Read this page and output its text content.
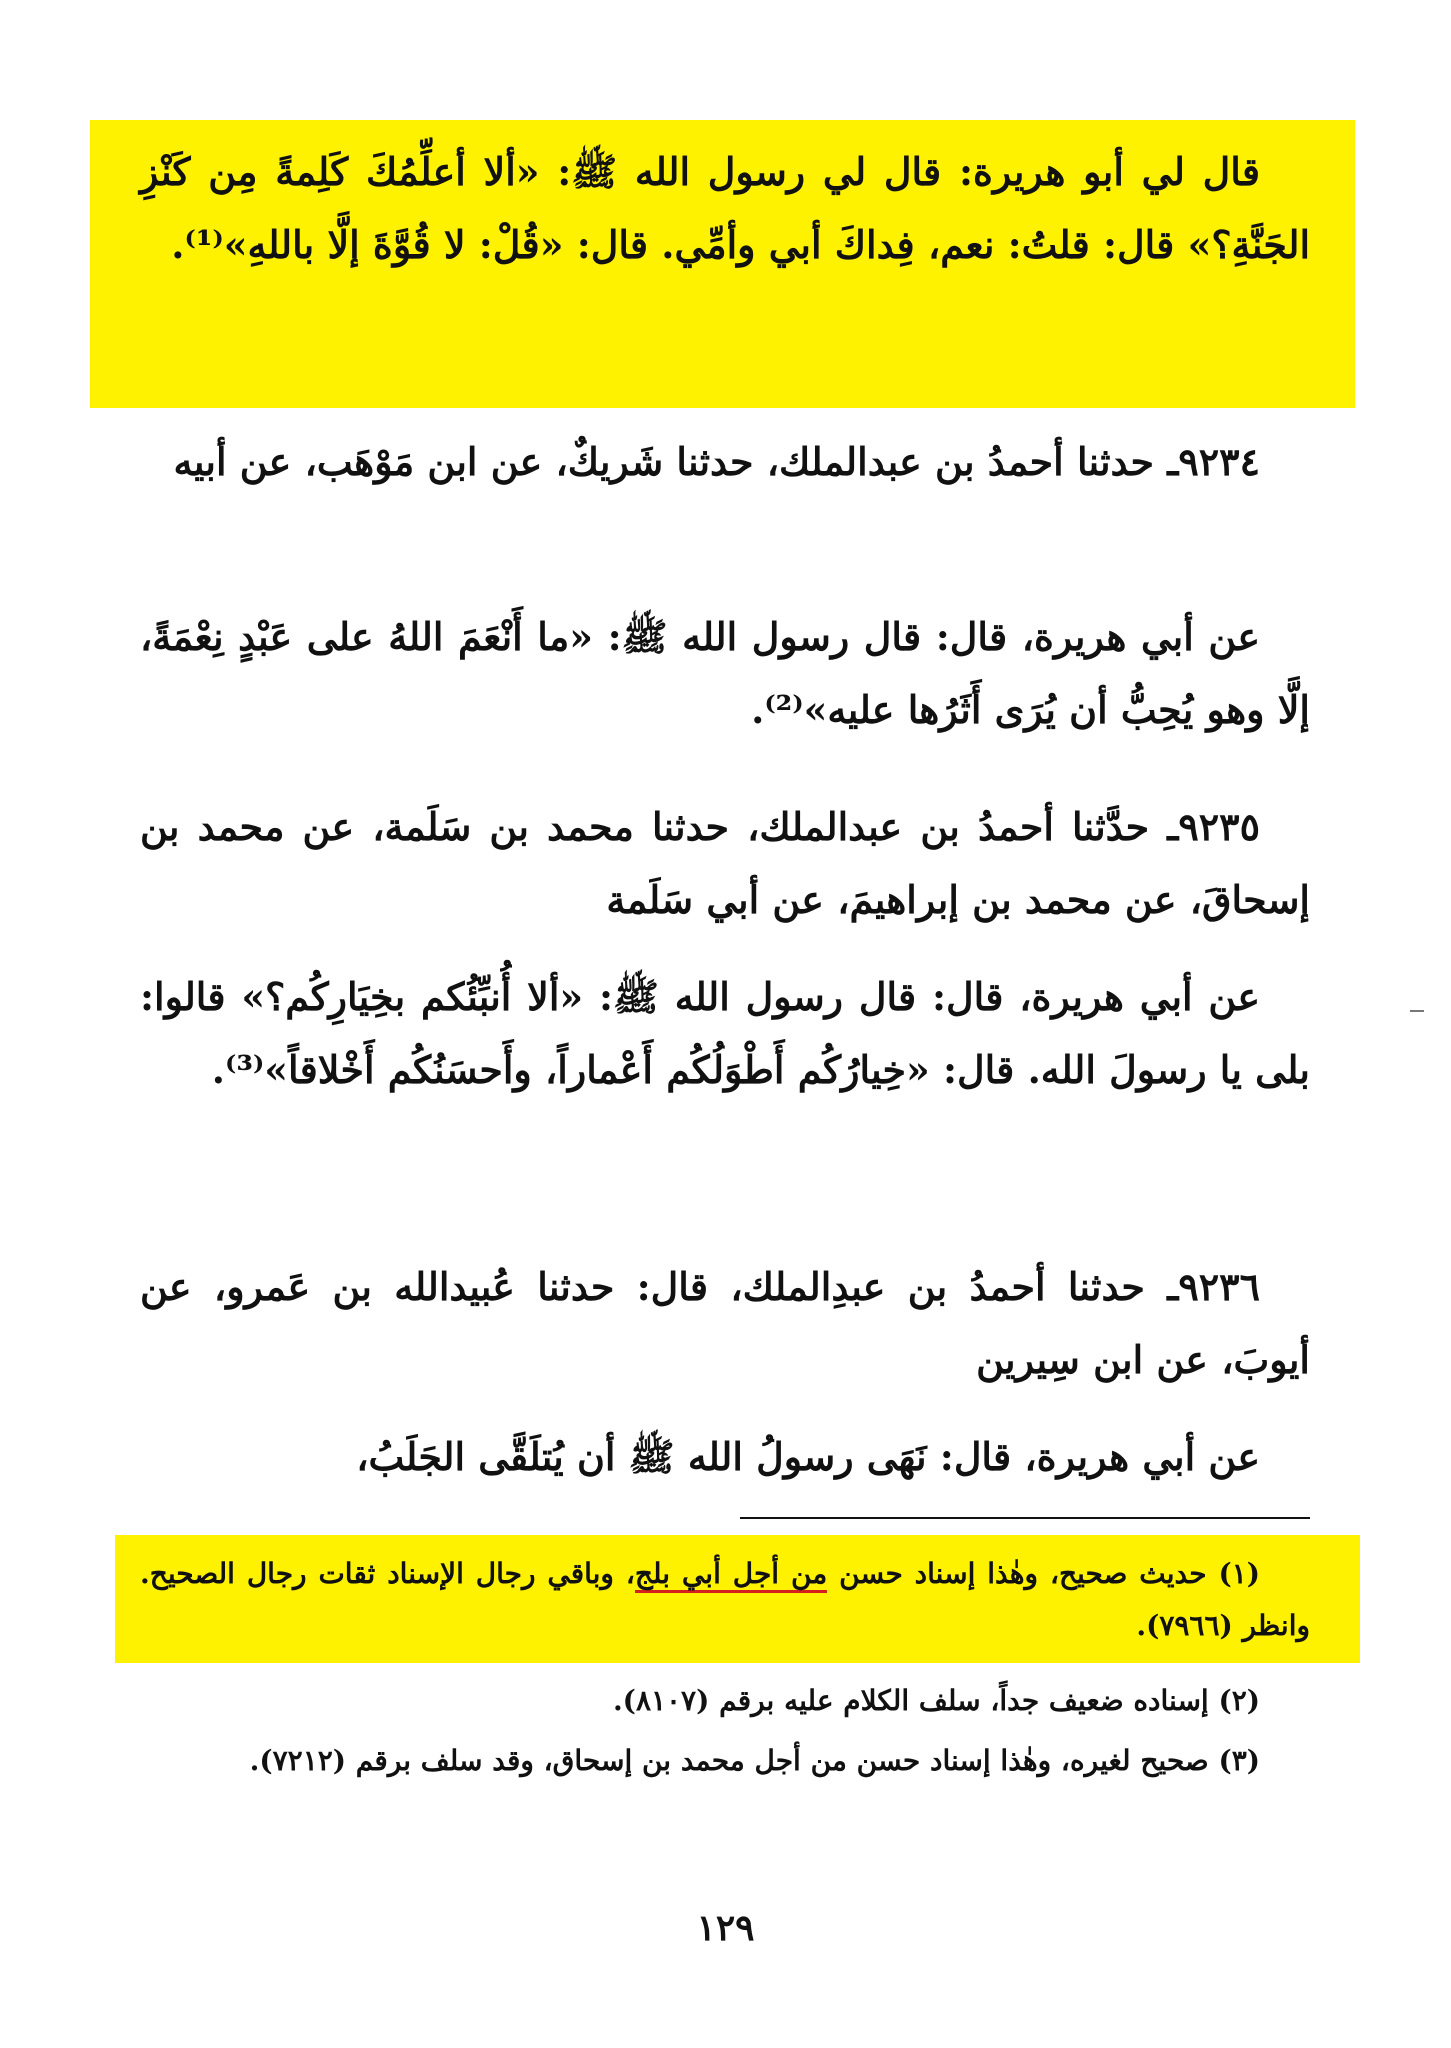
قال لي أبو هريرة: قال لي رسول الله ﷺ: «ألا أعلِّمُكَ كَلِمةً مِن كَنْزِ الجَنَّةِ؟» قال: قلتُ: نعم، فِداكَ أبي وأمِّي. قال: «قُلْ: لا قُوَّةَ إلَّا باللهِ»⁽¹⁾.
٩٢٣٤ـ حدثنا أحمدُ بن عبدالملك، حدثنا شَريكٌ، عن ابن مَوْهَب، عن أبيه
عن أبي هريرة، قال: قال رسول الله ﷺ: «ما أَنْعَمَ اللهُ على عَبْدٍ نِعْمَةً، إلَّا وهو يُحِبُّ أن يُرَى أَثَرُها عليه»⁽²⁾.
٩٢٣٥ـ حدَّثنا أحمدُ بن عبدالملك، حدثنا محمد بن سَلَمة، عن محمد بن إسحاقَ، عن محمد بن إبراهيمَ، عن أبي سَلَمة
عن أبي هريرة، قال: قال رسول الله ﷺ: «ألا أُنبِّئُكم بخِيَارِكُم؟» قالوا: بلى يا رسولَ الله. قال: «خِيارُكُم أَطْوَلُكُم أَعْماراً، وأَحسَنُكُم أَخْلاقاً»⁽³⁾.
٩٢٣٦ـ حدثنا أحمدُ بن عبدِالملك، قال: حدثنا عُبيدالله بن عَمرو، عن أيوبَ، عن ابن سِيرين
عن أبي هريرة، قال: نَهَى رسولُ الله ﷺ أن يُتلَقَّى الجَلَبُ،
(١) حديث صحيح، وهٰذا إسناد حسن من أجل أبي بلج، وباقي رجال الإسناد ثقات رجال الصحيح. وانظر (٧٩٦٦).
(٢) إسناده ضعيف جداً، سلف الكلام عليه برقم (٨١٠٧).
(٣) صحيح لغيره، وهٰذا إسناد حسن من أجل محمد بن إسحاق، وقد سلف برقم (٧٢١٢).
١٢٩
